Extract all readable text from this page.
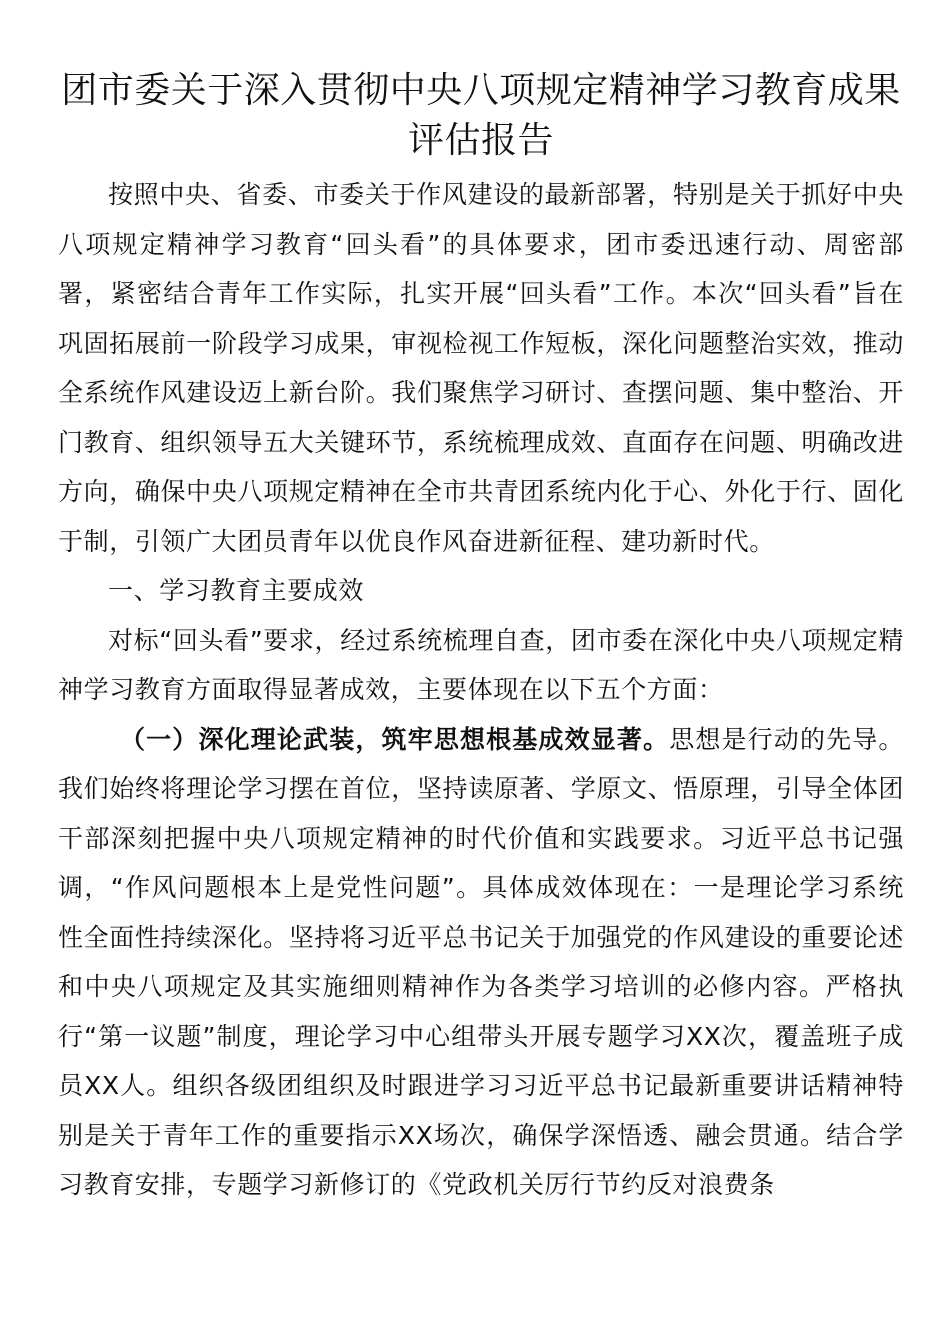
团市委关于深入贯彻中央八项规定精神学习教育成果评估报告

按照中央、省委、市委关于作风建设的最新部署，特别是关于抓好中央八项规定精神学习教育“回头看”的具体要求，团市委迅速行动、周密部署，紧密结合青年工作实际，扎实开展“回头看”工作。本次“回头看”旨在巩固拓展前一阶段学习成果，审视检视工作短板，深化问题整治实效，推动全系统作风建设迈上新台阶。我们聚焦学习研讨、查摆问题、集中整治、开门教育、组织领导五大关键环节，系统梳理成效、直面存在问题、明确改进方向，确保中央八项规定精神在全市共青团系统内化于心、外化于行、固化于制，引领广大团员青年以优良作风奋进新征程、建功新时代。

一、学习教育主要成效

对标“回头看”要求，经过系统梳理自查，团市委在深化中央八项规定精神学习教育方面取得显著成效，主要体现在以下五个方面：

（一）深化理论武装，筑牢思想根基成效显著。思想是行动的先导。我们始终将理论学习摆在首位，坚持读原著、学原文、悟原理，引导全体团干部深刻把握中央八项规定精神的时代价值和实践要求。习近平总书记强调，“作风问题根本上是党性问题”。具体成效体现在：一是理论学习系统性全面性持续深化。坚持将习近平总书记关于加强党的作风建设的重要论述和中央八项规定及其实施细则精神作为各类学习培训的必修内容。严格执行“第一议题”制度，理论学习中心组带头开展专题学习XX次，覆盖班子成员XX人。组织各级团组织及时跟进学习习近平总书记最新重要讲话精神特别是关于青年工作的重要指示XX场次，确保学深悟透、融会贯通。结合学习教育安排，专题学习新修订的《党政机关厉行节约反对浪费条
